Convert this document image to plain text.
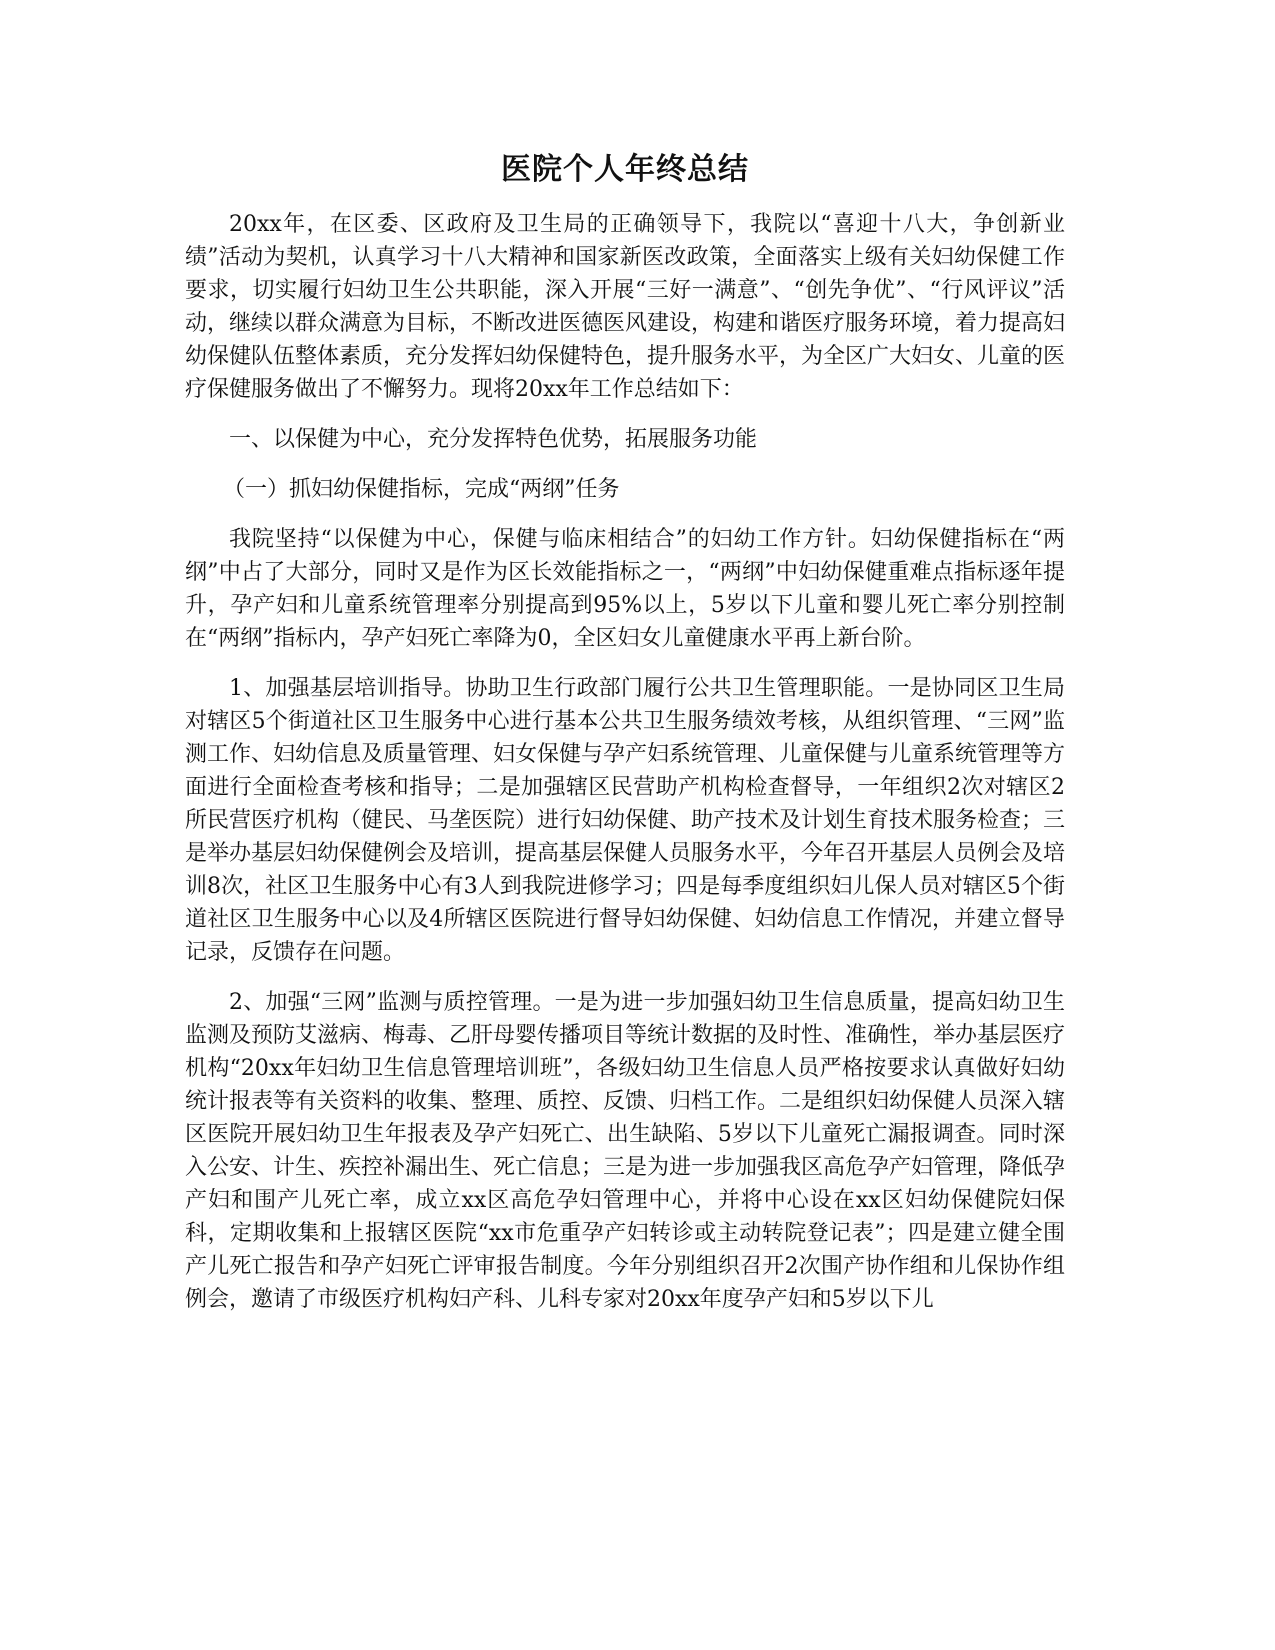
医院个人年终总结

20xx年，在区委、区政府及卫生局的正确领导下，我院以“喜迎十八大，争创新业绩”活动为契机，认真学习十八大精神和国家新医改政策，全面落实上级有关妇幼保健工作要求，切实履行妇幼卫生公共职能，深入开展“三好一满意”、“创先争优”、“行风评议”活动，继续以群众满意为目标，不断改进医德医风建设，构建和谐医疗服务环境，着力提高妇幼保健队伍整体素质，充分发挥妇幼保健特色，提升服务水平，为全区广大妇女、儿童的医疗保健服务做出了不懈努力。现将20xx年工作总结如下：

一、以保健为中心，充分发挥特色优势，拓展服务功能

（一）抓妇幼保健指标，完成“两纲”任务

我院坚持“以保健为中心，保健与临床相结合”的妇幼工作方针。妇幼保健指标在“两纲”中占了大部分，同时又是作为区长效能指标之一，“两纲”中妇幼保健重难点指标逐年提升，孕产妇和儿童系统管理率分别提高到95%以上，5岁以下儿童和婴儿死亡率分别控制在“两纲”指标内，孕产妇死亡率降为0，全区妇女儿童健康水平再上新台阶。

1、加强基层培训指导。协助卫生行政部门履行公共卫生管理职能。一是协同区卫生局对辖区5个街道社区卫生服务中心进行基本公共卫生服务绩效考核，从组织管理、“三网”监测工作、妇幼信息及质量管理、妇女保健与孕产妇系统管理、儿童保健与儿童系统管理等方面进行全面检查考核和指导；二是加强辖区民营助产机构检查督导，一年组织2次对辖区2所民营医疗机构（健民、马垄医院）进行妇幼保健、助产技术及计划生育技术服务检查；三是举办基层妇幼保健例会及培训，提高基层保健人员服务水平，今年召开基层人员例会及培训8次，社区卫生服务中心有3人到我院进修学习；四是每季度组织妇儿保人员对辖区5个街道社区卫生服务中心以及4所辖区医院进行督导妇幼保健、妇幼信息工作情况，并建立督导记录，反馈存在问题。

2、加强“三网”监测与质控管理。一是为进一步加强妇幼卫生信息质量，提高妇幼卫生监测及预防艾滋病、梅毒、乙肝母婴传播项目等统计数据的及时性、准确性，举办基层医疗机构“20xx年妇幼卫生信息管理培训班”，各级妇幼卫生信息人员严格按要求认真做好妇幼统计报表等有关资料的收集、整理、质控、反馈、归档工作。二是组织妇幼保健人员深入辖区医院开展妇幼卫生年报表及孕产妇死亡、出生缺陷、5岁以下儿童死亡漏报调查。同时深入公安、计生、疾控补漏出生、死亡信息；三是为进一步加强我区高危孕产妇管理，降低孕产妇和围产儿死亡率，成立xx区高危孕妇管理中心，并将中心设在xx区妇幼保健院妇保科，定期收集和上报辖区医院“xx市危重孕产妇转诊或主动转院登记表”；四是建立健全围产儿死亡报告和孕产妇死亡评审报告制度。今年分别组织召开2次围产协作组和儿保协作组例会，邀请了市级医疗机构妇产科、儿科专家对20xx年度孕产妇和5岁以下儿
